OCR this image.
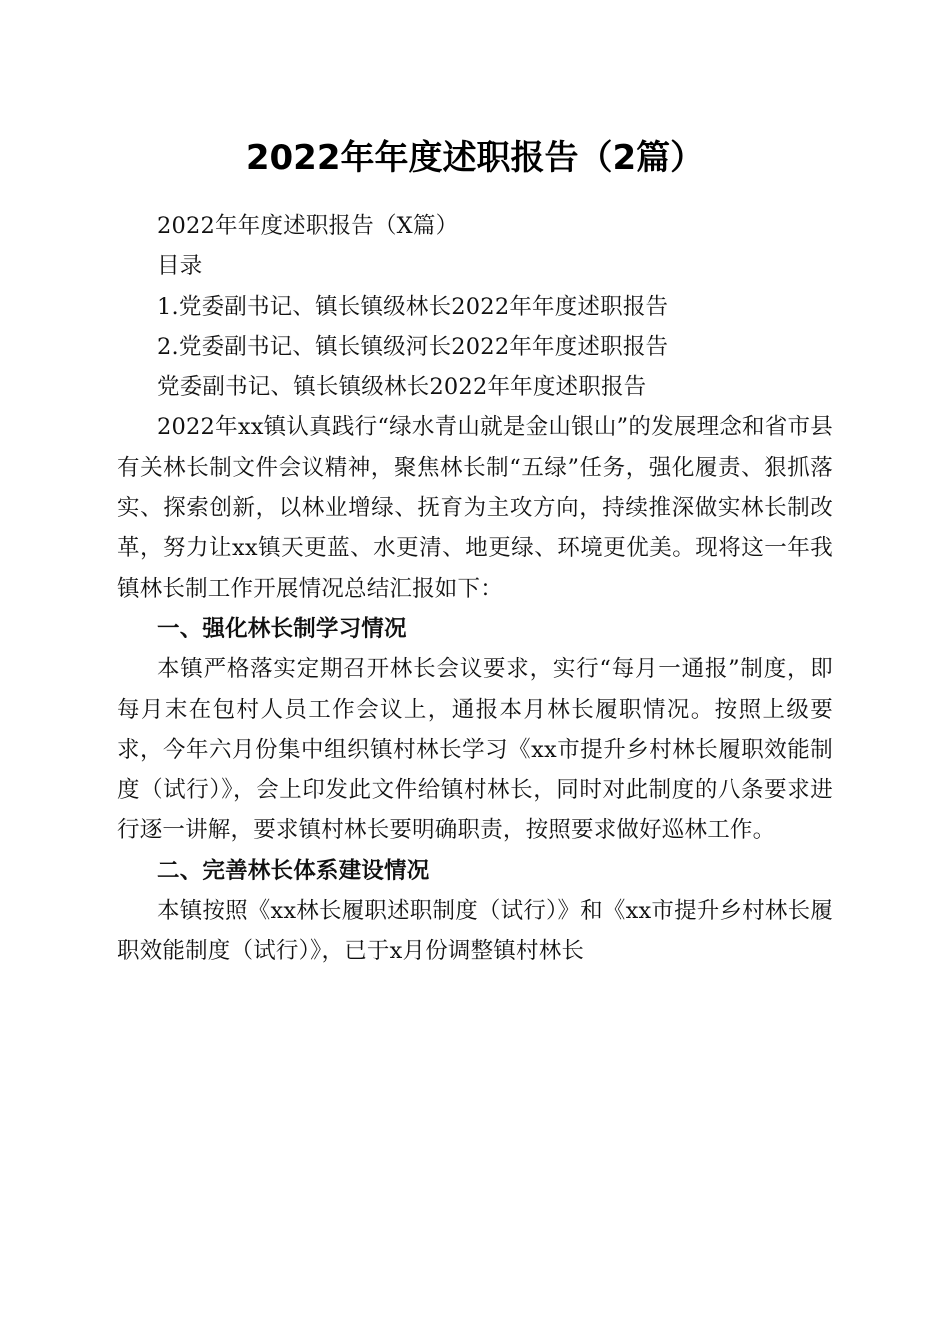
2022年年度述职报告（2篇）

2022年年度述职报告（X篇）

目录

1.党委副书记、镇长镇级林长2022年年度述职报告

2.党委副书记、镇长镇级河长2022年年度述职报告

党委副书记、镇长镇级林长2022年年度述职报告

2022年xx镇认真践行“绿水青山就是金山银山”的发展理念和省市县有关林长制文件会议精神，聚焦林长制“五绿”任务，强化履责、狠抓落实、探索创新，以林业增绿、抚育为主攻方向，持续推深做实林长制改革，努力让xx镇天更蓝、水更清、地更绿、环境更优美。现将这一年我镇林长制工作开展情况总结汇报如下：

一、强化林长制学习情况

本镇严格落实定期召开林长会议要求，实行“每月一通报”制度，即每月末在包村人员工作会议上，通报本月林长履职情况。按照上级要求，今年六月份集中组织镇村林长学习《xx市提升乡村林长履职效能制度（试行）》，会上印发此文件给镇村林长，同时对此制度的八条要求进行逐一讲解，要求镇村林长要明确职责，按照要求做好巡林工作。

二、完善林长体系建设情况

本镇按照《xx林长履职述职制度（试行）》和《xx市提升乡村林长履职效能制度（试行）》，已于x月份调整镇村林长
